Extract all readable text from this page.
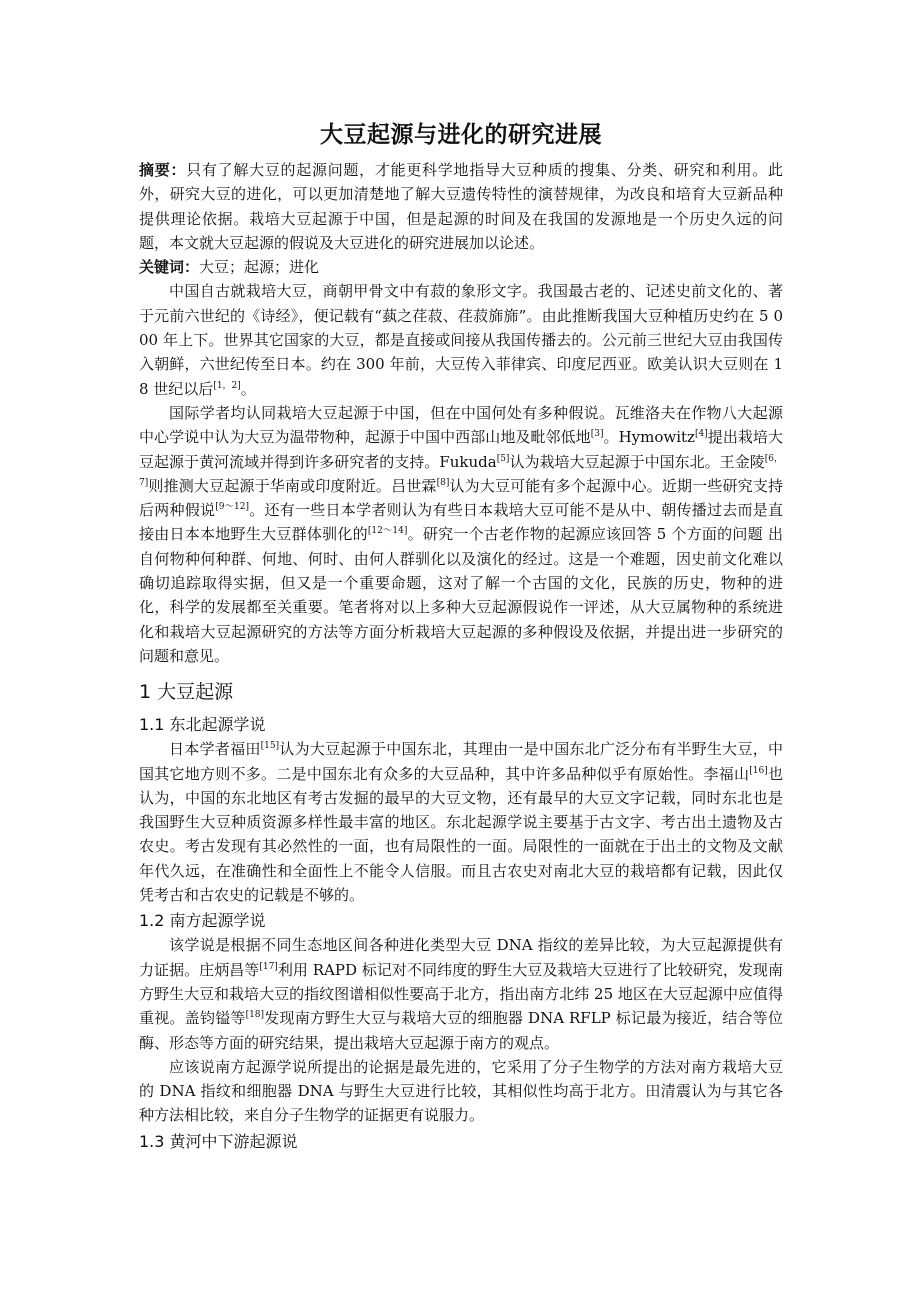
大豆起源与进化的研究进展

摘要：只有了解大豆的起源问题，才能更科学地指导大豆种质的搜集、分类、研究和利用。此外，研究大豆的进化，可以更加清楚地了解大豆遗传特性的演替规律，为改良和培育大豆新品种提供理论依据。栽培大豆起源于中国，但是起源的时间及在我国的发源地是一个历史久远的问题，本文就大豆起源的假说及大豆进化的研究进展加以论述。

关键词：大豆；起源；进化

中国自古就栽培大豆，商朝甲骨文中有菽的象形文字。我国最古老的、记述史前文化的、著于元前六世纪的《诗经》，便记载有“蓺之荏菽、荏菽旆旆”。由此推断我国大豆种植历史约在 5 000 年上下。世界其它国家的大豆，都是直接或间接从我国传播去的。公元前三世纪大豆由我国传入朝鲜，六世纪传至日本。约在 300 年前，大豆传入菲律宾、印度尼西亚。欧美认识大豆则在 18 世纪以后[1，2]。

国际学者均认同栽培大豆起源于中国，但在中国何处有多种假说。瓦维洛夫在作物八大起源中心学说中认为大豆为温带物种，起源于中国中西部山地及毗邻低地[3]。Hymowitz[4]提出栽培大豆起源于黄河流域并得到许多研究者的支持。Fukuda[5]认为栽培大豆起源于中国东北。王金陵[6，7]则推测大豆起源于华南或印度附近。吕世霖[8]认为大豆可能有多个起源中心。近期一些研究支持后两种假说[9～12]。还有一些日本学者则认为有些日本栽培大豆可能不是从中、朝传播过去而是直接由日本本地野生大豆群体驯化的[12～14]。研究一个古老作物的起源应该回答 5 个方面的问题 出自何物种何种群、何地、何时、由何人群驯化以及演化的经过。这是一个难题，因史前文化难以确切追踪取得实据，但又是一个重要命题，这对了解一个古国的文化，民族的历史，物种的进化，科学的发展都至关重要。笔者将对以上多种大豆起源假说作一评述，从大豆属物种的系统进化和栽培大豆起源研究的方法等方面分析栽培大豆起源的多种假设及依据，并提出进一步研究的问题和意见。

1 大豆起源
1.1 东北起源学说

日本学者福田[15]认为大豆起源于中国东北，其理由一是中国东北广泛分布有半野生大豆，中国其它地方则不多。二是中国东北有众多的大豆品种，其中许多品种似乎有原始性。李福山[16]也认为，中国的东北地区有考古发掘的最早的大豆文物，还有最早的大豆文字记载，同时东北也是我国野生大豆种质资源多样性最丰富的地区。东北起源学说主要基于古文字、考古出土遗物及古农史。考古发现有其必然性的一面，也有局限性的一面。局限性的一面就在于出土的文物及文献年代久远，在准确性和全面性上不能令人信服。而且古农史对南北大豆的栽培都有记载，因此仅凭考古和古农史的记载是不够的。

1.2 南方起源学说

该学说是根据不同生态地区间各种进化类型大豆 DNA 指纹的差异比较，为大豆起源提供有力证据。庄炳昌等[17]利用 RAPD 标记对不同纬度的野生大豆及栽培大豆进行了比较研究，发现南方野生大豆和栽培大豆的指纹图谱相似性要高于北方，指出南方北纬 25 地区在大豆起源中应值得重视。盖钧镒等[18]发现南方野生大豆与栽培大豆的细胞器 DNA RFLP 标记最为接近，结合等位酶、形态等方面的研究结果，提出栽培大豆起源于南方的观点。

应该说南方起源学说所提出的论据是最先进的，它采用了分子生物学的方法对南方栽培大豆的 DNA 指纹和细胞器 DNA 与野生大豆进行比较，其相似性均高于北方。田清震认为与其它各种方法相比较，来自分子生物学的证据更有说服力。

1.3 黄河中下游起源说
